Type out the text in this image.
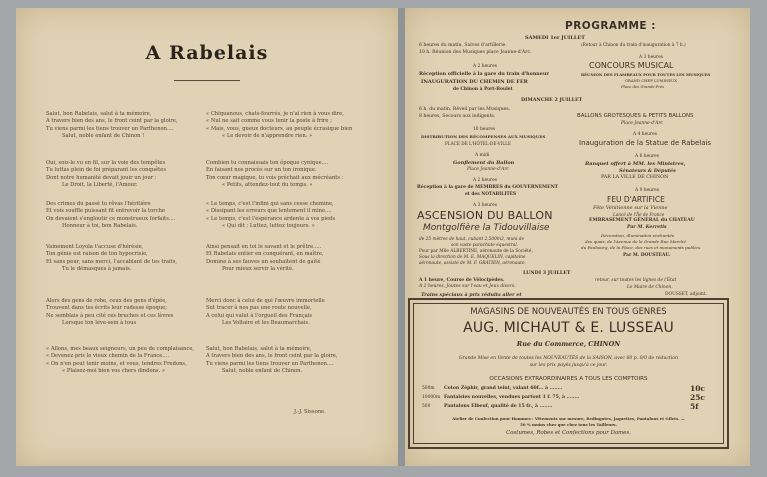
A Rabelais
Salut, bon Rabelais, salut à ta mémoire,
A travers bien des ans, le front ceint par la gloire,
Tu viens parmi les tiens trouver un Parthenon....
Salut, noble enfant de Chinon !
Oui, sois-le vu en fil, sur la voie des tempêtes
Tu luttas plein de foi préparant les conquêtes
Dont notre humanité devait jouir un jour :
Le Droit, la Liberté, l'Amour.
Des crimes du passé tu rêvas l'héritière
Et vois souffle puissant fit entrevoir la torche
On devaient s'engloutir ce monstrueux forfaits....
Honneur à toi, bon Rabelais.
Vainement Loyola t'accuse d'hérésie,
Ton génie est raison de ton hypocrisie,
Et sans peur, sans merci, l'accablant de tes traits,
Tu le démasques à jamais.
Alors des gens de robe, ceux des gens d'épée,
Trouvent dans tes écrits leur rudesse époque;
Ne semblais à peu cité ces bruches et ces lèvres
Lorsque ton lève-sein à tous
« Allons, mes beaux seigneurs, un peu de complaisance,
« Devenez pris le vieux chemin de la France....
« On n'en peut tenir moins, et vous, tendres Fredons,
« Plaisez-moi bien vos chers dindons. »
« Chiquanous, chats-fourrés, je n'ai rien à vous dire,
« Nul ne sait comme vous tenir la poste à frire ;
« Mais, vous, gueux docteurs, au peuple écrasique bien
« Le devoir de n'apprendre rien. »
Combien tu connaissais ton époque cynique....
En faisant nos procès sur un ton ironique.
Ton cœur magique, tu vois préchait aux mécréants :
« Petits, attendez-tout du temps. »
« Le temps, c'est l'infini qui sans cesse chemine,
« Dissipant les erreurs que lentement il mine....
« Le temps, c'est l'espérance ardente à vos pieds
« Qui dit : Luttez, luttez toujours. »
Ainsi pensait en toi le savant et le prêtre.....
Et Rabelais entier en conquérant, en maître,
Domine à ses fauves un souhaitent de gaîté
Pour mieux servir la vérité.
Merci donc à celui de qui l'œuvre immortelle
Sut tracer à nos pas une route nouvelle,
A celui qui valut à l'orgueil des Français
Les Voltaire et les Beaumarchais.
Salut, bon Rabelais, salut à ta mémoire,
A travers bien des ans, le front ceint par la gloire,
Tu viens parmi les tiens trouver un Parthenon....
Salut, noble enfant de Chinon.
J.-J. Sissone.
PROGRAMME :
SAMEDI 1er JUILLET
6 heures du matin, Salves d'artillerie.
10 h. Réunion des Musiques place Jeanne-d'Arc.
A 2 heures
Réception officielle à la gare du train d'honneur
INAUGURATION DU CHEMIN DE FER
de Chinon à Port-Boulet
DIMANCHE 2 JUILLET
6 h. du matin, Réveil par les Musiques.
8 heures, Secours aux indigents.
10 heures
DISTRIBUTION DES RÉCOMPENSES AUX MUSIQUES
PLACE DE L'HÔTEL-DE-VILLE
A midi
Gonflement du Ballon
Place Jeanne-d'Arc
A 2 heures
Réception à la gare de MEMBRES du GOUVERNEMENT
et des NOTABILITÉS
A 3 heures
ASCENSION DU BALLON
Montgolfière la Tidouvillaise
de 25 mètres de haut, cubant 2,500m3, muni de
son vaste parachute équestral.
Pour par Mlle ALBERTINE, aéronaute de la Société,
Sous la direction de M. E. MAQUELIN, capitaine
aéronaute, assisté de M. F. GRATIEN, aéronaute.
LUNDI 3 JUILLET
A 1 heure, Course de Vélocipèdes.
A 2 heures, Joutes sur l'eau et Jeux divers.
Trains spéciaux à prix réduits aller et
(Retour à Chinon du train d'inauguration à 7 h.)
A 3 heures
CONCOURS MUSICAL
RÉUNION DES FLAMBEAUX POUR TOUTES LES MUSIQUES
GRAND CHEF LUMINEUX
Place des Grands-Prés
BALLONS GROTESQUES & PETITS BALLONS
Place Jeanne-d'Arc
A 4 heures
Inauguration de la Statue de Rabelais
A 6 heures
Banquet offert à MM. les Ministres,
Sénateurs & Députés
PAR LA VILLE DE CHINON
A 9 heures
FEU D'ARTIFICE
Fête Vénitienne sur la Vienne
Lancé de l'Île de France
EMBRASEMENT GÉNÉRAL du CHATEAU
Par M. Kerretis
Décoration, illumination enchantée
des quais, de l'Avenue de la Grande Rue Marché
du Faubourg, de la Place, des rues et monuments publics.
Par M. DOUSTEAU.
retour, sur toutes les lignes de l'Etat
Le Maire de Chinon,
DOUSSET, adjoint.
MAGASINS DE NOUVEAUTÉS EN TOUS GENRES
AUG. MICHAUT & E. LUSSEAU
Rue du Commerce, CHINON
Grande Mise en Vente de toutes les NOUVEAUTÉS de la SAISON, avec 60 p. 0/0 de réduction
sur les prix payés jusqu'à ce jour.
OCCASIONS EXTRAORDINAIRES A TOUS LES COMPTOIRS
500m Coton Zéphir, grand teint, valant 60f... à ........	10c
10000m Fantaisies nouvelles, vendues partout 1 f. 75, à ........	25c
500	Pantalons Elbeuf, qualité de 15 fr., à ........	5f
Atelier de Confection pour Hommes : Vêtements sur mesure, Redingotes, Jaquettes, Pantalons et Gilets. —
50 % moins cher que chez tous les Tailleurs.
Costumes, Robes et Confections pour Dames.
